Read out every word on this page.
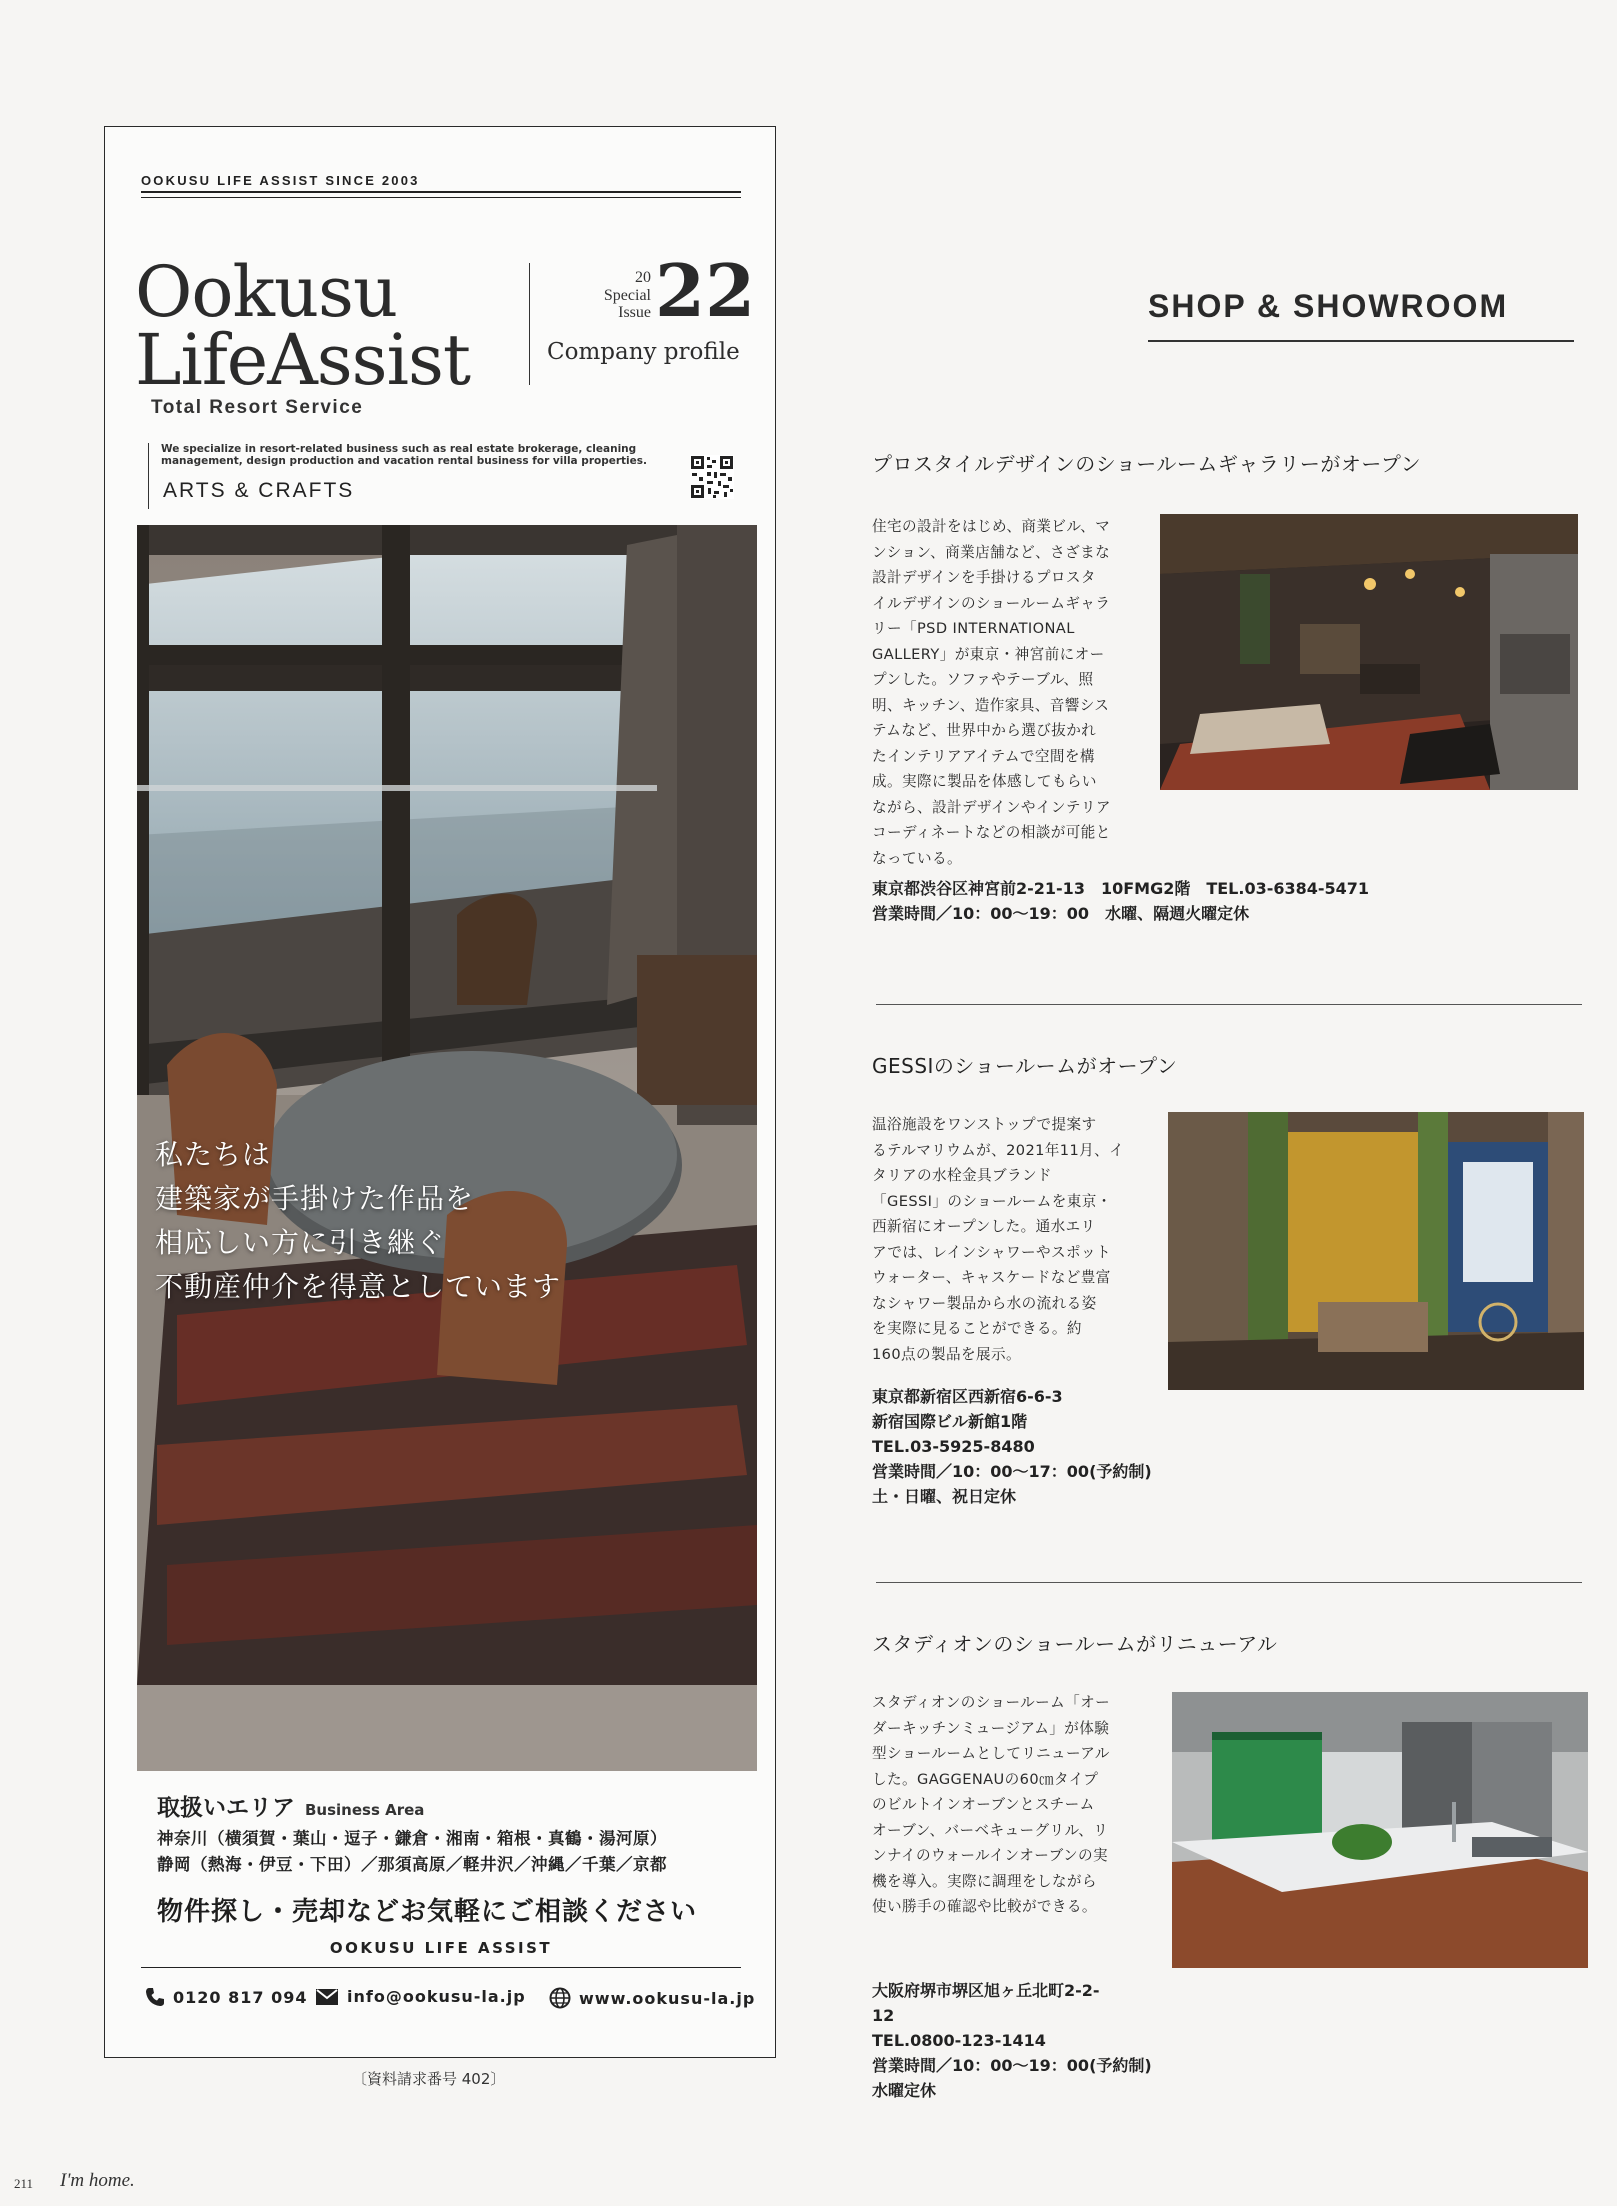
OOKUSU LIFE ASSIST SINCE 2003
Ookusu
LifeAssist
Total Resort Service
20
Special
Issue 22
Company profile
We specialize in resort-related business such as real estate brokerage, cleaning management, design production and vacation rental business for villa properties.
ARTS & CRAFTS
私たちは
建築家が手掛けた作品を
相応しい方に引き継ぐ
不動産仲介を得意としています
取扱いエリア Business Area
神奈川（横須賀・葉山・逗子・鎌倉・湘南・箱根・真鶴・湯河原）
静岡（熱海・伊豆・下田）／那須高原／軽井沢／沖縄／千葉／京都
物件探し・売却などお気軽にご相談ください
OOKUSU LIFE ASSIST
0120 817 094 info@ookusu-la.jp	www.ookusu-la.jp
〔資料請求番号 402〕
211 I'm home.
SHOP & SHOWROOM
プロスタイルデザインのショールームギャラリーがオープン
住宅の設計をはじめ、商業ビル、マ
ンション、商業店舗など、さざまな
設計デザインを手掛けるプロスタ
イルデザインのショールームギャラ
リー「PSD INTERNATIONAL
GALLERY」が東京・神宮前にオー
プンした。ソファやテーブル、照
明、キッチン、造作家具、音響シス
テムなど、世界中から選び抜かれ
たインテリアアイテムで空間を構
成。実際に製品を体感してもらい
ながら、設計デザインやインテリア
コーディネートなどの相談が可能と
なっている。
東京都渋谷区神宮前2-21-13　10FMG2階　TEL.03-6384-5471
営業時間／10：00～19：00　水曜、隔週火曜定休
GESSIのショールームがオープン
温浴施設をワンストップで提案す
るテルマリウムが、2021年11月、イ
タリアの水栓金具ブランド
「GESSI」のショールームを東京・
西新宿にオープンした。通水エリ
アでは、レインシャワーやスポット
ウォーター、キャスケードなど豊富
なシャワー製品から水の流れる姿
を実際に見ることができる。約
160点の製品を展示。
東京都新宿区西新宿6-6-3
新宿国際ビル新館1階
TEL.03-5925-8480
営業時間／10：00～17：00(予約制)
土・日曜、祝日定休
スタディオンのショールームがリニューアル
スタディオンのショールーム「オー
ダーキッチンミュージアム」が体験
型ショールームとしてリニューアル
した。GAGGENAUの60㎝タイプ
のビルトインオーブンとスチーム
オーブン、バーベキューグリル、リ
ンナイのウォールインオーブンの実
機を導入。実際に調理をしながら
使い勝手の確認や比較ができる。
大阪府堺市堺区旭ヶ丘北町2-2-
12
TEL.0800-123-1414
営業時間／10：00～19：00(予約制)
水曜定休
